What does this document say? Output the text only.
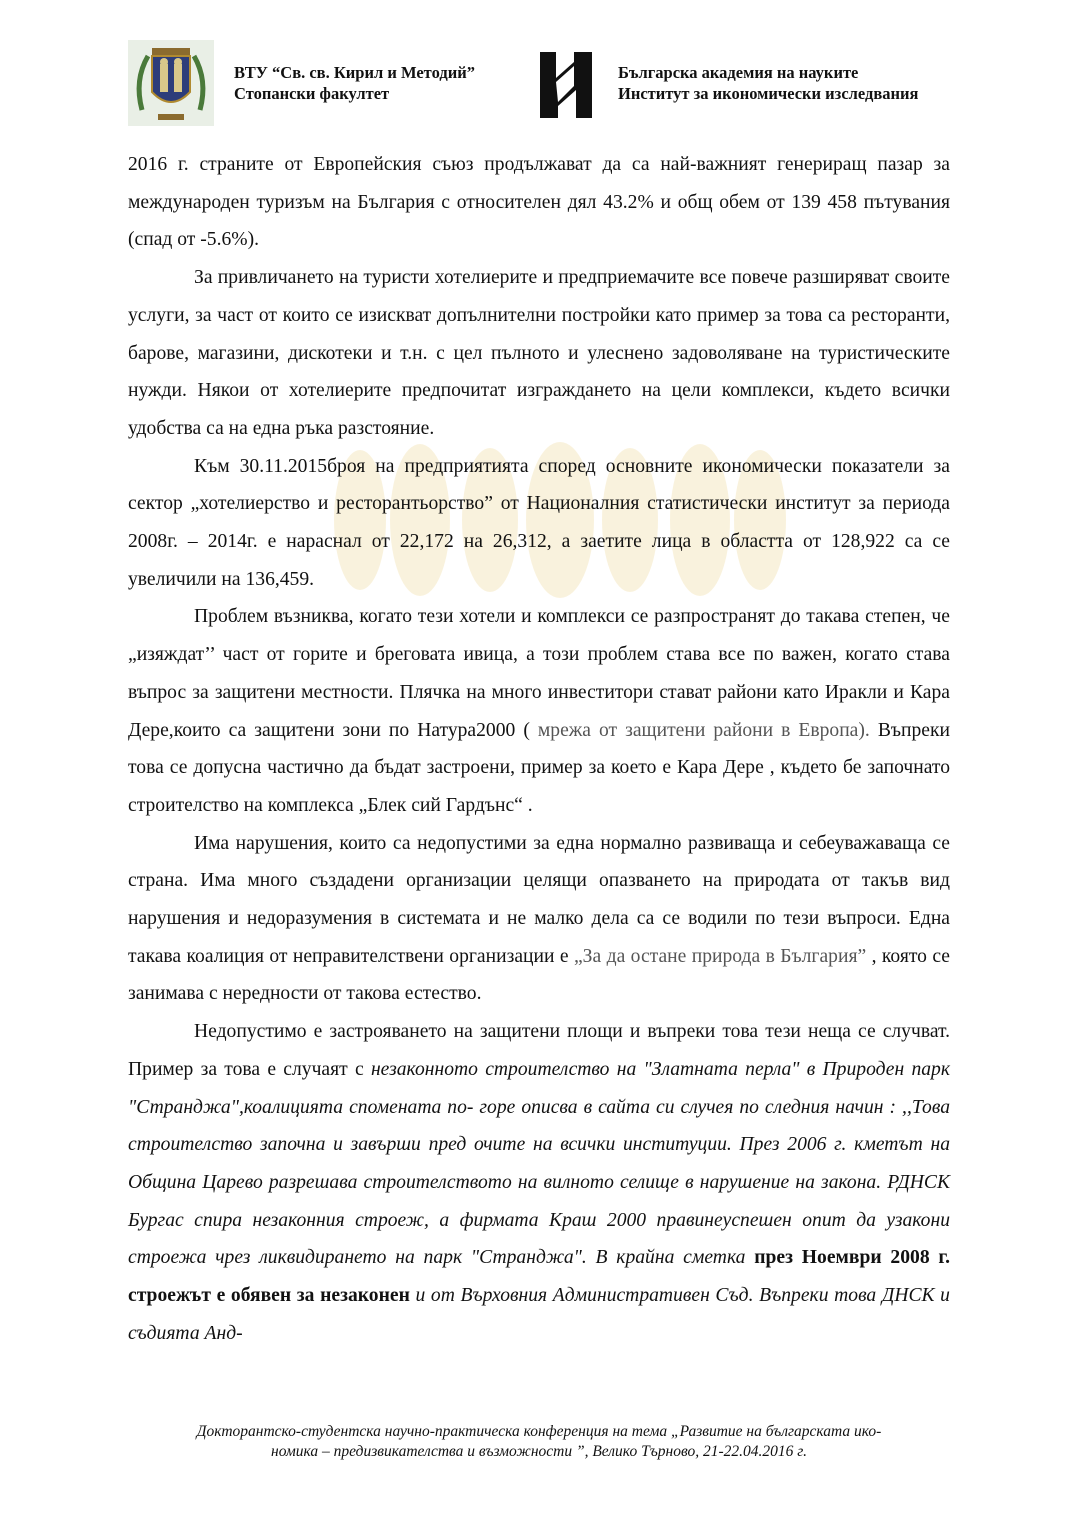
ВТУ “Св. св. Кирил и Методий”
Стопански факултет
Българска академия на науките
Институт за икономически изследвания

2016 г. страните от Европейския съюз продължават да са най-важният генериращ пазар за международен туризъм на България с относителен дял 43.2% и общ обем от 139 458 пътувания (спад от -5.6%).

За привличането на туристи хотелиерите и предприемачите все повече разширяват своите услуги, за част от които се изискват допълнителни постройки като пример за това са ресторанти, барове, магазини, дискотеки и т.н. с цел пълното и улеснено задоволяване на туристическите нужди. Някои от хотелиерите предпочитат изграждането на цели комплекси, където всички удобства са на една ръка разстояние.

Към 30.11.2015броя на предприятията според основните икономически показатели за сектор „хотелиерство и ресторантьорство” от Националния статистически институт за периода 2008г. – 2014г. е нараснал от 22,172 на 26,312, а заетите лица в областта от 128,922 са се увеличили на 136,459.

Проблем възниква, когато тези хотели и комплекси се разпространят до такава степен, че „изяждат’’ част от горите и бреговата ивица, а този проблем става все по важен, когато става въпрос за защитени местности. Плячка на много инвеститори стават райони като Иракли и Кара Дере,които са защитени зони по Натура2000 ( мрежа от защитени райони в Европа). Въпреки това се допусна частично да бъдат застроени, пример за което е Кара Дере , където бе започнато строителство на комплекса „Блек сий Гардънс“ .

Има нарушения, които са недопустими за една нормално развиваща и себеуважаваща се страна. Има много създадени организации целящи опазването на природата от такъв вид нарушения и недоразумения в системата и не малко дела са се водили по тези въпроси. Една такава коалиция от неправителствени организации е „За да остане природа в България” , която се занимава с нередности от такова естество.

Недопустимо е застрояването на защитени площи и въпреки това тези неща се случват. Пример за това е случаят с незаконното строителство на "Златната перла" в Природен парк "Странджа",коалицията споменатa по- горе описва в сайта си случея по следния начин : ,,Това строителство започна и завърши пред очите на всички институции. През 2006 г. кметът на Община Царево разрешава строителството на вилното селище в нарушение на закона. РДНСК Бургас спира незаконния строеж, а фирмата Краш 2000 правинеуспешен опит да узакони строежа чрез ликвидирането на парк "Странджа". В крайна сметка през Ноември 2008 г. строежът е обявен за незаконен и от Върховния Административен Съд. Въпреки това ДНСК и съдията Анд-

Докторантско-студентска научно-практическа конференция на тема „Развитие на българската ико-
номика – предизвикателства и възможности ”, Велико Търново, 21-22.04.2016 г.
